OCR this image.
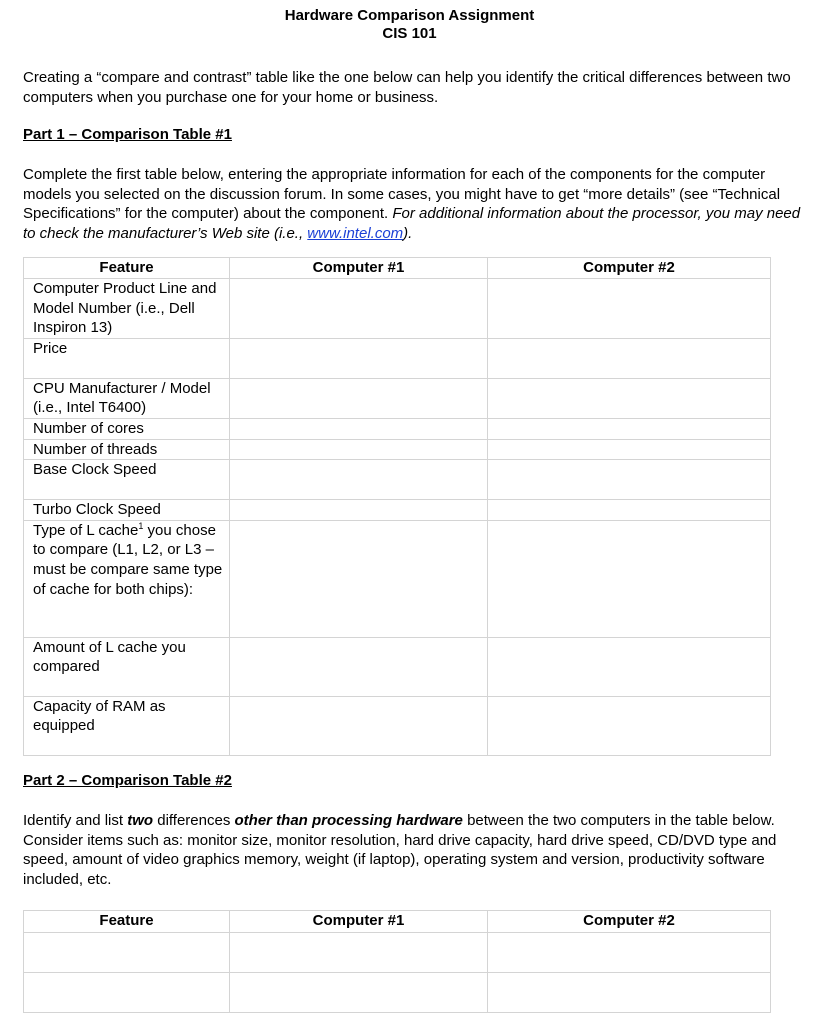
Hardware Comparison Assignment
CIS 101

Creating a “compare and contrast” table like the one below can help you identify the critical differences between two computers when you purchase one for your home or business.

Part 1 – Comparison Table #1

Complete the first table below, entering the appropriate information for each of the components for the computer models you selected on the discussion forum. In some cases, you might have to get “more details” (see “Technical Specifications” for the computer) about the component. For additional information about the processor, you may need to check the manufacturer’s Web site (i.e., www.intel.com).

Feature	Computer #1	Computer #2
Computer Product Line and Model Number (i.e., Dell Inspiron 13)		
Price		
CPU Manufacturer / Model (i.e., Intel T6400)		
Number of cores		
Number of threads		
Base Clock Speed		
Turbo Clock Speed		
Type of L cache$^1$ you chose to compare (L1, L2, or L3 – must be compare same type of cache for both chips):		
Amount of L cache you compared		
Capacity of RAM as equipped		

Part 2 – Comparison Table #2

Identify and list two differences other than processing hardware between the two computers in the table below. Consider items such as: monitor size, monitor resolution, hard drive capacity, hard drive speed, CD/DVD type and speed, amount of video graphics memory, weight (if laptop), operating system and version, productivity software included, etc.

Feature	Computer #1	Computer #2
